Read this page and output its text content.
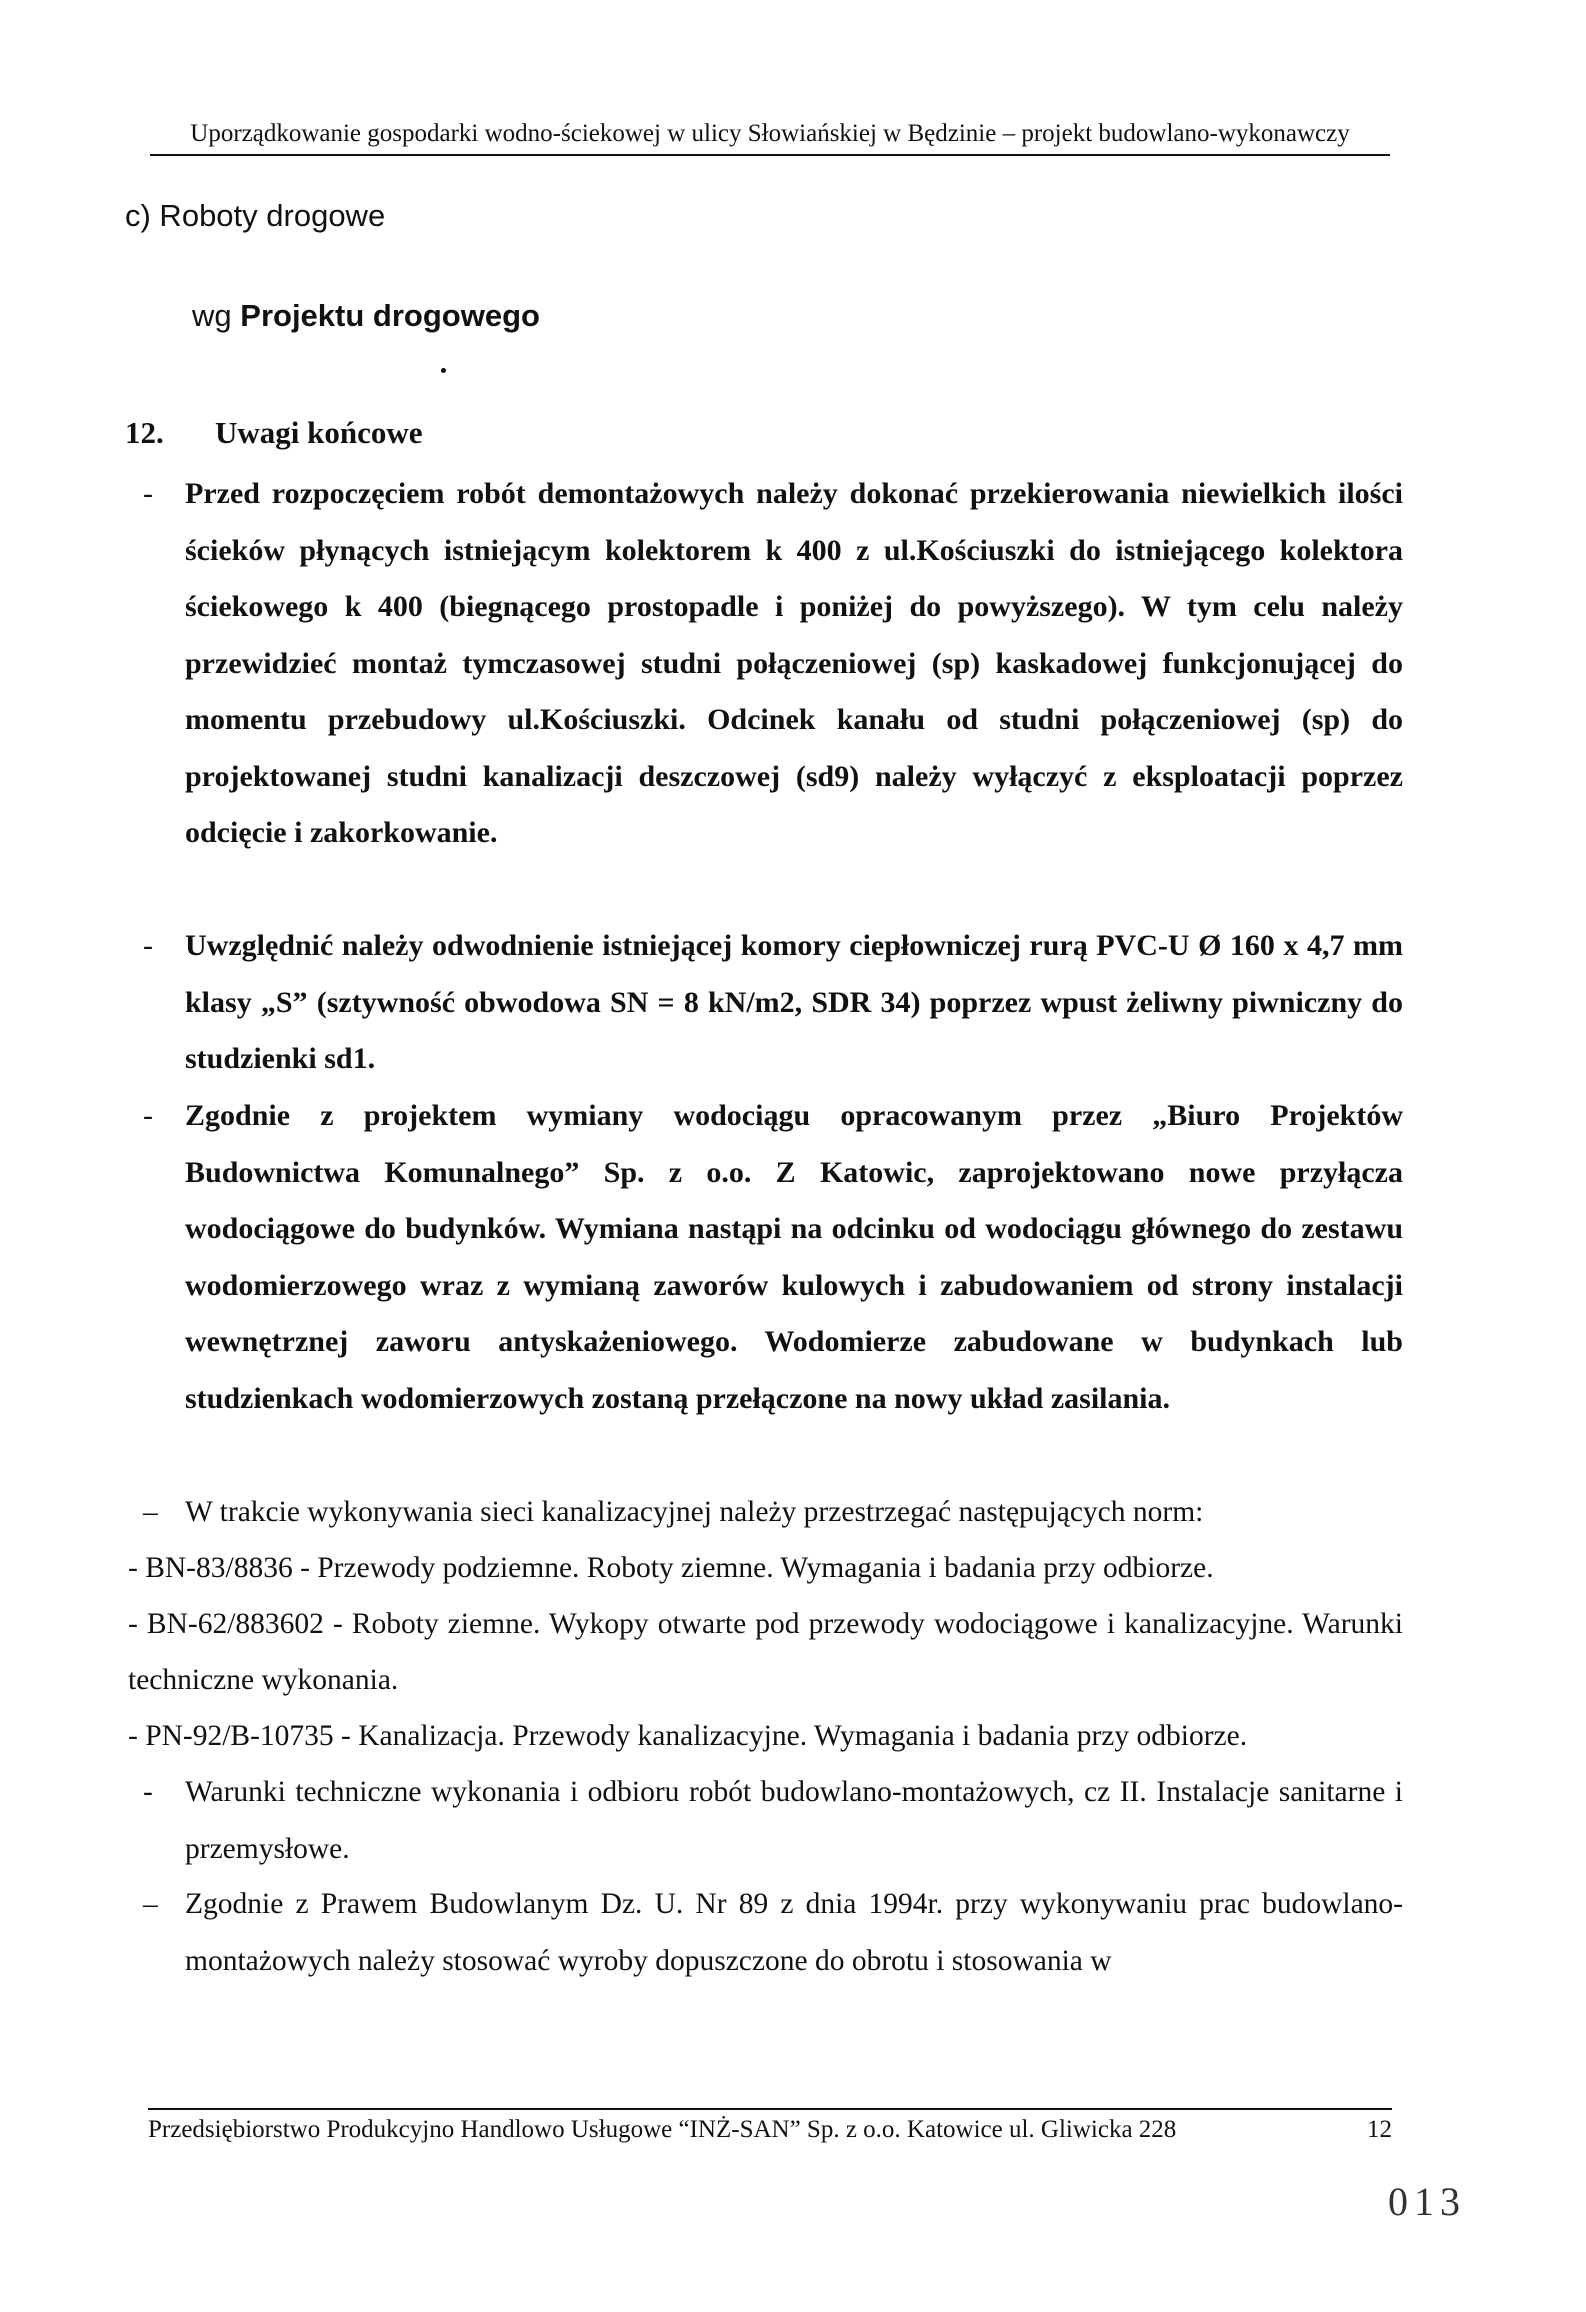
Uporządkowanie gospodarki wodno-ściekowej w ulicy Słowiańskiej w Będzinie – projekt budowlano-wykonawczy
c) Roboty drogowe
wg Projektu drogowego
12. Uwagi końcowe
- Przed rozpoczęciem robót demontażowych należy dokonać przekierowania niewielkich ilości ścieków płynących istniejącym kolektorem k 400 z ul.Kościuszki do istniejącego kolektora ściekowego k 400 (biegnącego prostopadle i poniżej do powyższego). W tym celu należy przewidzieć montaż tymczasowej studni połączeniowej (sp) kaskadowej funkcjonującej do momentu przebudowy ul.Kościuszki. Odcinek kanału od studni połączeniowej (sp) do projektowanej studni kanalizacji deszczowej (sd9) należy wyłączyć z eksploatacji poprzez odcięcie i zakorkowanie.
- Uwzględnić należy odwodnienie istniejącej komory ciepłowniczej rurą PVC-U Ø 160 x 4,7 mm klasy „S” (sztywność obwodowa SN = 8 kN/m2, SDR 34) poprzez wpust żeliwny piwniczny do studzienki sd1.
- Zgodnie z projektem wymiany wodociągu opracowanym przez „Biuro Projektów Budownictwa Komunalnego” Sp. z o.o. Z Katowic, zaprojektowano nowe przyłącza wodociągowe do budynków. Wymiana nastąpi na odcinku od wodociągu głównego do zestawu wodomierzowego wraz z wymianą zaworów kulowych i zabudowaniem od strony instalacji wewnętrznej zaworu antyskażeniowego. Wodomierze zabudowane w budynkach lub studzienkach wodomierzowych zostaną przełączone na nowy układ zasilania.
– W trakcie wykonywania sieci kanalizacyjnej należy przestrzegać następujących norm:
- BN-83/8836 - Przewody podziemne. Roboty ziemne. Wymagania i badania przy odbiorze.
- BN-62/883602 - Roboty ziemne. Wykopy otwarte pod przewody wodociągowe i kanalizacyjne. Warunki techniczne wykonania.
- PN-92/B-10735 - Kanalizacja. Przewody kanalizacyjne. Wymagania i badania przy odbiorze.
- Warunki techniczne wykonania i odbioru robót budowlano-montażowych, cz II. Instalacje sanitarne i przemysłowe.
– Zgodnie z Prawem Budowlanym Dz. U. Nr 89 z dnia 1994r. przy wykonywaniu prac budowlano-montażowych należy stosować wyroby dopuszczone do obrotu i stosowania w
Przedsiębiorstwo Produkcyjno Handlowo Usługowe “INŻ-SAN” Sp. z o.o. Katowice ul. Gliwicka 228	12
013
